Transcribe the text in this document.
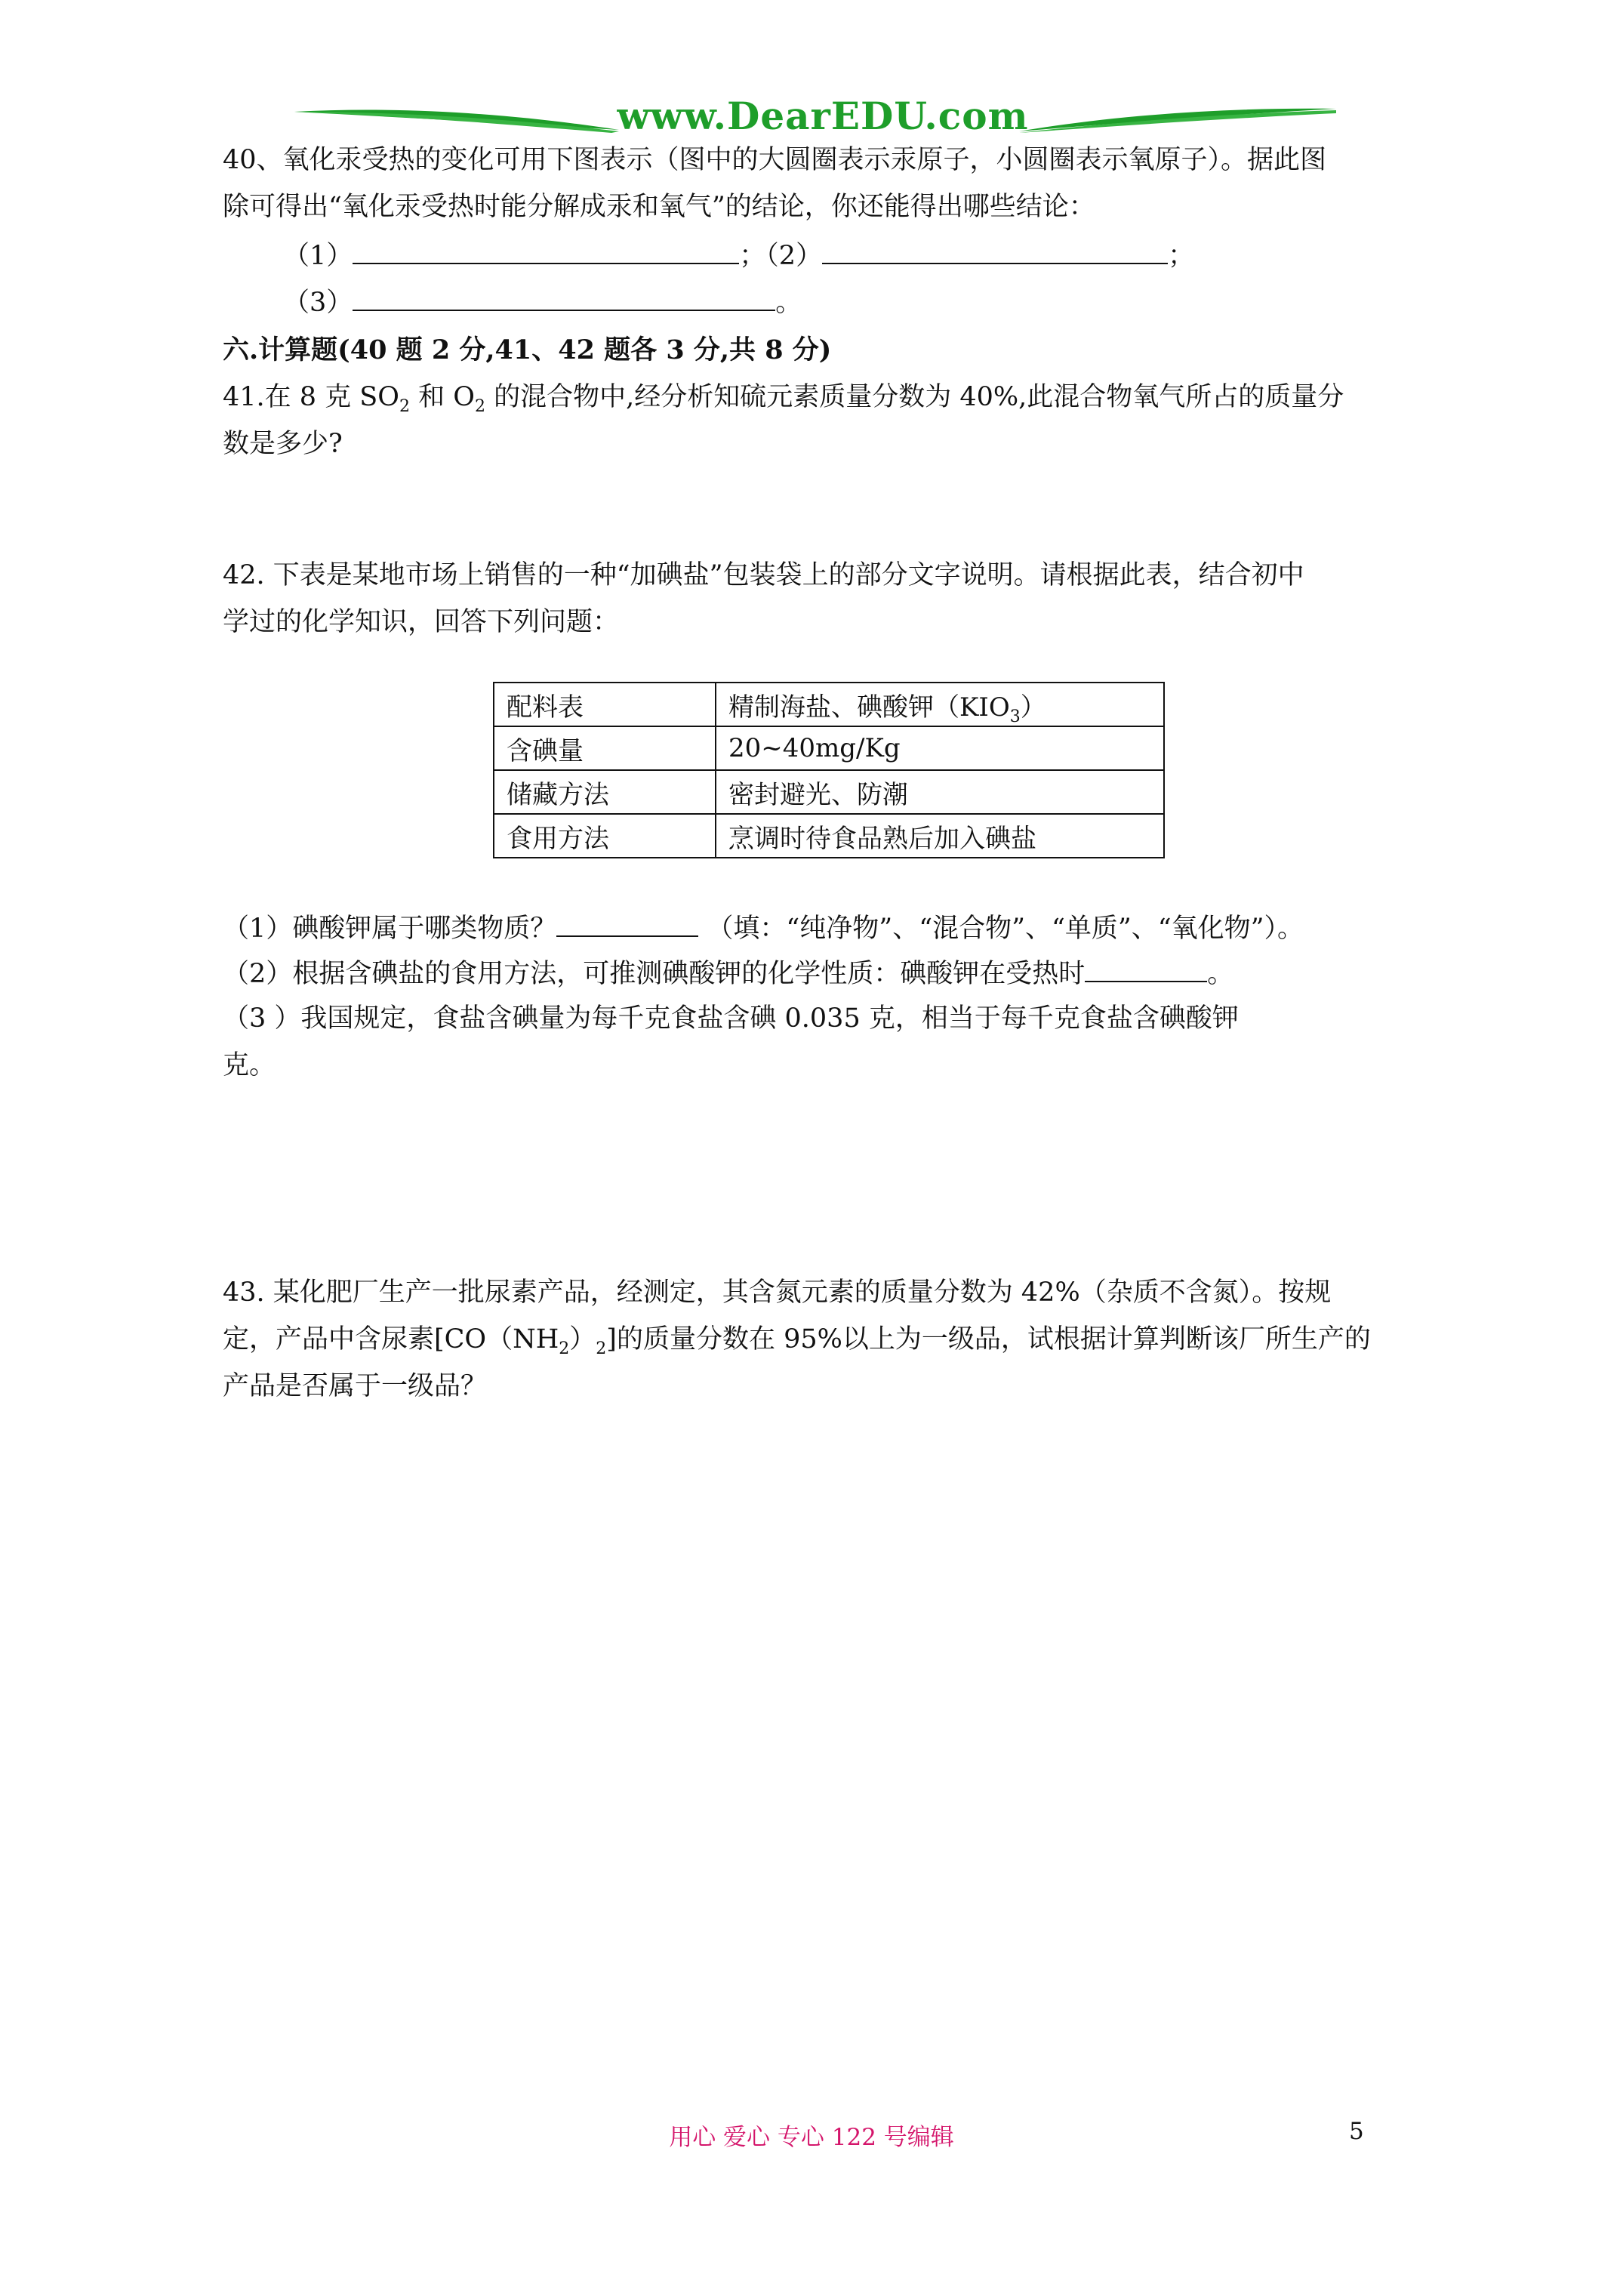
www.DearEDU.com
40、氧化汞受热的变化可用下图表示（图中的大圆圈表示汞原子，小圆圈表示氧原子）。据此图
除可得出“氧化汞受热时能分解成汞和氧气”的结论，你还能得出哪些结论：
（1）	；（2）	；
（3）	。
六.计算题(40 题 2 分,41、42 题各 3 分,共 8 分)
41.在 8 克 $SO_2$ 和 $O_2$ 的混合物中,经分析知硫元素质量分数为 40%,此混合物氧气所占的质量分
数是多少?
42. 下表是某地市场上销售的一种“加碘盐”包装袋上的部分文字说明。请根据此表，结合初中
学过的化学知识，回答下列问题：
配料表	精制海盐、碘酸钾$(KIO_3)$
含碘量	20~40mg/Kg
储藏方法	密封避光、防潮
食用方法	烹调时待食品熟后加入碘盐
（1）碘酸钾属于哪类物质？	（填：“纯净物”、“混合物”、“单质”、“氧化物”）。
（2）根据含碘盐的食用方法，可推测碘酸钾的化学性质：碘酸钾在受热时	。
（3 ）我国规定，食盐含碘量为每千克食盐含碘 0.035 克，相当于每千克食盐含碘酸钾
克。
43. 某化肥厂生产一批尿素产品，经测定，其含氮元素的质量分数为 42%（杂质不含氮）。按规
定，产品中含尿素$[CO(NH_2)_2]$的质量分数在 95%以上为一级品，试根据计算判断该厂所生产的
产品是否属于一级品？
用心 爱心 专心 122 号编辑	5
